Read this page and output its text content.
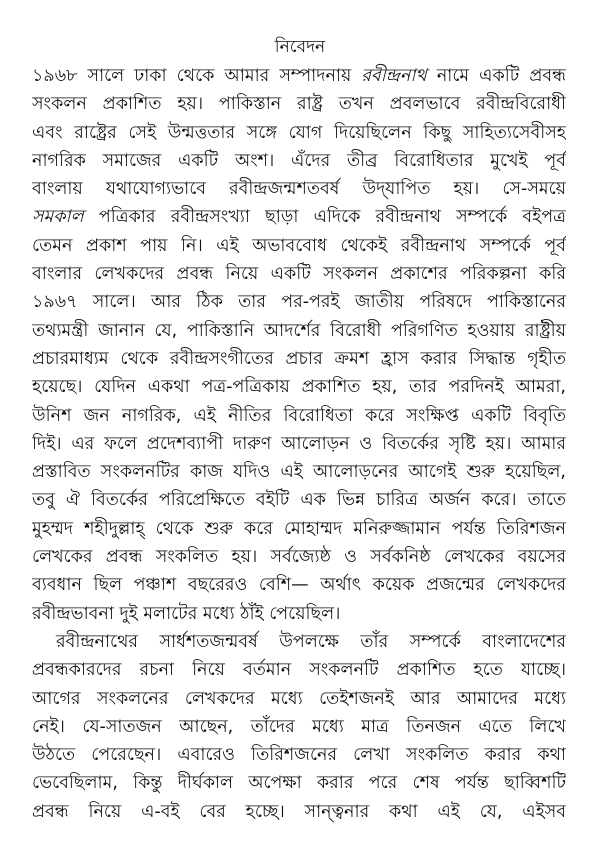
নিবেদন
১৯৬৮ সালে ঢাকা থেকে আমার সম্পাদনায় রবীন্দ্রনাথ নামে একটি প্রবন্ধ
সংকলন প্রকাশিত হয়। পাকিস্তান রাষ্ট্র তখন প্রবলভাবে রবীন্দ্রবিরোধী
এবং রাষ্ট্রের সেই উন্মত্ততার সঙ্গে যোগ দিয়েছিলেন কিছু সাহিত্যসেবীসহ
নাগরিক সমাজের একটি অংশ। এঁদের তীব্র বিরোধিতার মুখেই পূর্ব
বাংলায় যথাযোগ্যভাবে রবীন্দ্রজন্মশতবর্ষ উদ্‌যাপিত হয়। সে-সময়ে
সমকাল পত্রিকার রবীন্দ্রসংখ্যা ছাড়া এদিকে রবীন্দ্রনাথ সম্পর্কে বইপত্র
তেমন প্রকাশ পায় নি। এই অভাববোধ থেকেই রবীন্দ্রনাথ সম্পর্কে পূর্ব
বাংলার লেখকদের প্রবন্ধ নিয়ে একটি সংকলন প্রকাশের পরিকল্পনা করি
১৯৬৭ সালে। আর ঠিক তার পর-পরই জাতীয় পরিষদে পাকিস্তানের
তথ্যমন্ত্রী জানান যে, পাকিস্তানি আদর্শের বিরোধী পরিগণিত হওয়ায় রাষ্ট্রীয়
প্রচারমাধ্যম থেকে রবীন্দ্রসংগীতের প্রচার ক্রমশ হ্রাস করার সিদ্ধান্ত গৃহীত
হয়েছে। যেদিন একথা পত্র-পত্রিকায় প্রকাশিত হয়, তার পরদিনই আমরা,
উনিশ জন নাগরিক, এই নীতির বিরোধিতা করে সংক্ষিপ্ত একটি বিবৃতি
দিই। এর ফলে প্রদেশব্যাপী দারুণ আলোড়ন ও বিতর্কের সৃষ্টি হয়। আমার
প্রস্তাবিত সংকলনটির কাজ যদিও এই আলোড়নের আগেই শুরু হয়েছিল,
তবু ঐ বিতর্কের পরিপ্রেক্ষিতে বইটি এক ভিন্ন চারিত্র অর্জন করে। তাতে
মুহম্মদ শহীদুল্লাহ্‌ থেকে শুরু করে মোহাম্মদ মনিরুজ্জামান পর্যন্ত তিরিশজন
লেখকের প্রবন্ধ সংকলিত হয়। সর্বজ্যেষ্ঠ ও সর্বকনিষ্ঠ লেখকের বয়সের
ব্যবধান ছিল পঞ্চাশ বছরেরও বেশি— অর্থাৎ কয়েক প্রজন্মের লেখকদের
রবীন্দ্রভাবনা দুই মলাটের মধ্যে ঠাঁই পেয়েছিল।
রবীন্দ্রনাথের সার্ধশতজন্মবর্ষ উপলক্ষে তাঁর সম্পর্কে বাংলাদেশের
প্রবন্ধকারদের রচনা নিয়ে বর্তমান সংকলনটি প্রকাশিত হতে যাচ্ছে।
আগের সংকলনের লেখকদের মধ্যে তেইশজনই আর আমাদের মধ্যে
নেই। যে-সাতজন আছেন, তাঁদের মধ্যে মাত্র তিনজন এতে লিখে
উঠতে পেরেছেন। এবারেও তিরিশজনের লেখা সংকলিত করার কথা
ভেবেছিলাম, কিন্তু দীর্ঘকাল অপেক্ষা করার পরে শেষ পর্যন্ত ছাব্বিশটি
প্রবন্ধ নিয়ে এ-বই বের হচ্ছে। সান্ত্বনার কথা এই যে, এইসব
